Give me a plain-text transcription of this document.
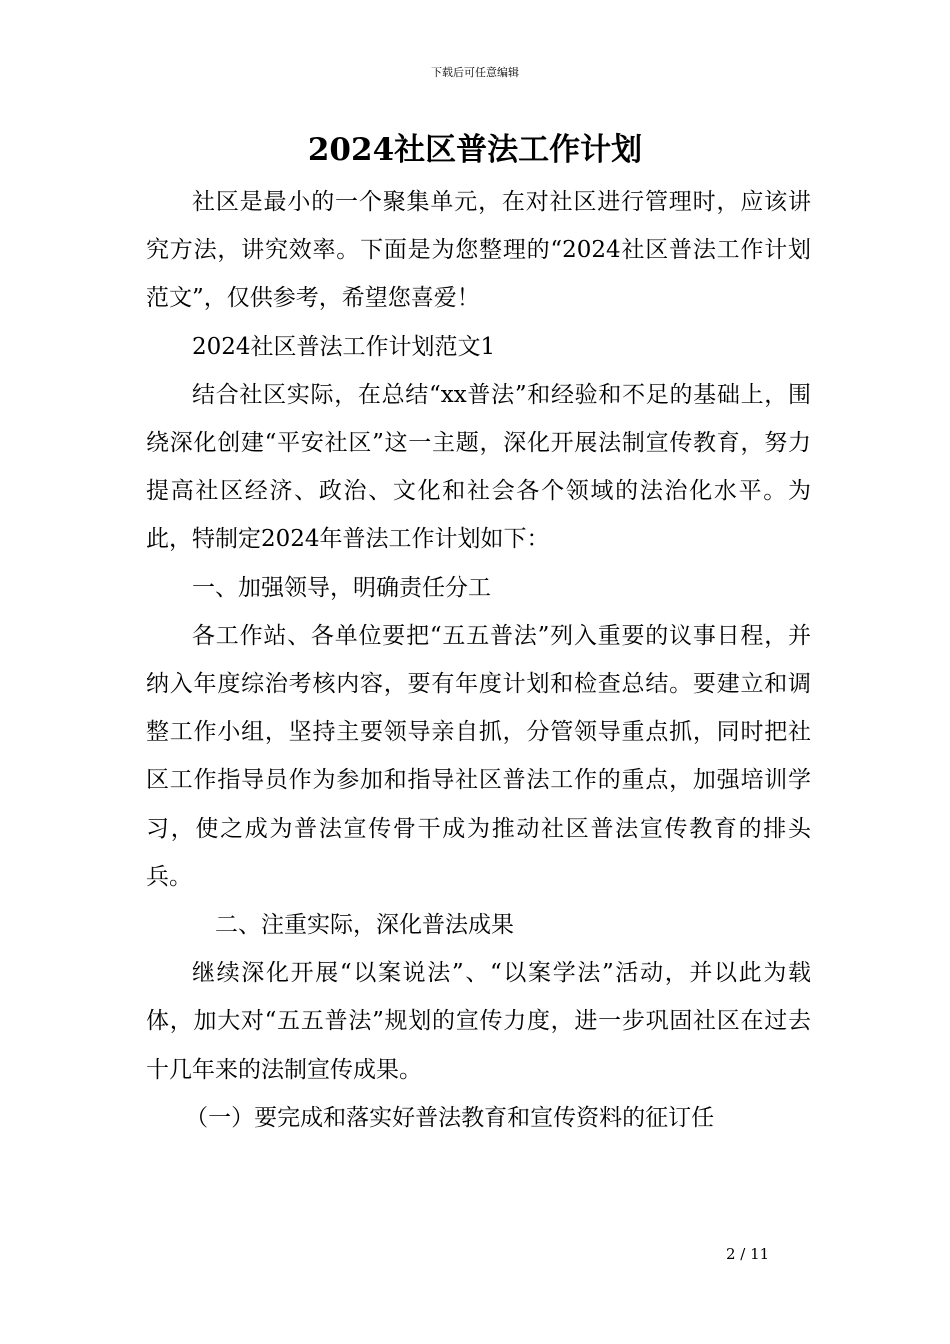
下载后可任意编辑
2024社区普法工作计划

社区是最小的一个聚集单元，在对社区进行管理时，应该讲究方法，讲究效率。下面是为您整理的“2024社区普法工作计划范文”，仅供参考，希望您喜爱！

2024社区普法工作计划范文1

结合社区实际，在总结“xx普法”和经验和不足的基础上，围绕深化创建“平安社区”这一主题，深化开展法制宣传教育，努力提高社区经济、政治、文化和社会各个领域的法治化水平。为此，特制定2024年普法工作计划如下：

一、加强领导，明确责任分工

各工作站、各单位要把“五五普法”列入重要的议事日程，并纳入年度综治考核内容，要有年度计划和检查总结。要建立和调整工作小组，坚持主要领导亲自抓，分管领导重点抓，同时把社区工作指导员作为参加和指导社区普法工作的重点，加强培训学习，使之成为普法宣传骨干成为推动社区普法宣传教育的排头兵。

二、注重实际，深化普法成果

继续深化开展“以案说法”、“以案学法”活动，并以此为载体，加大对“五五普法”规划的宣传力度，进一步巩固社区在过去十几年来的法制宣传成果。

（一）要完成和落实好普法教育和宣传资料的征订任

2 / 11
